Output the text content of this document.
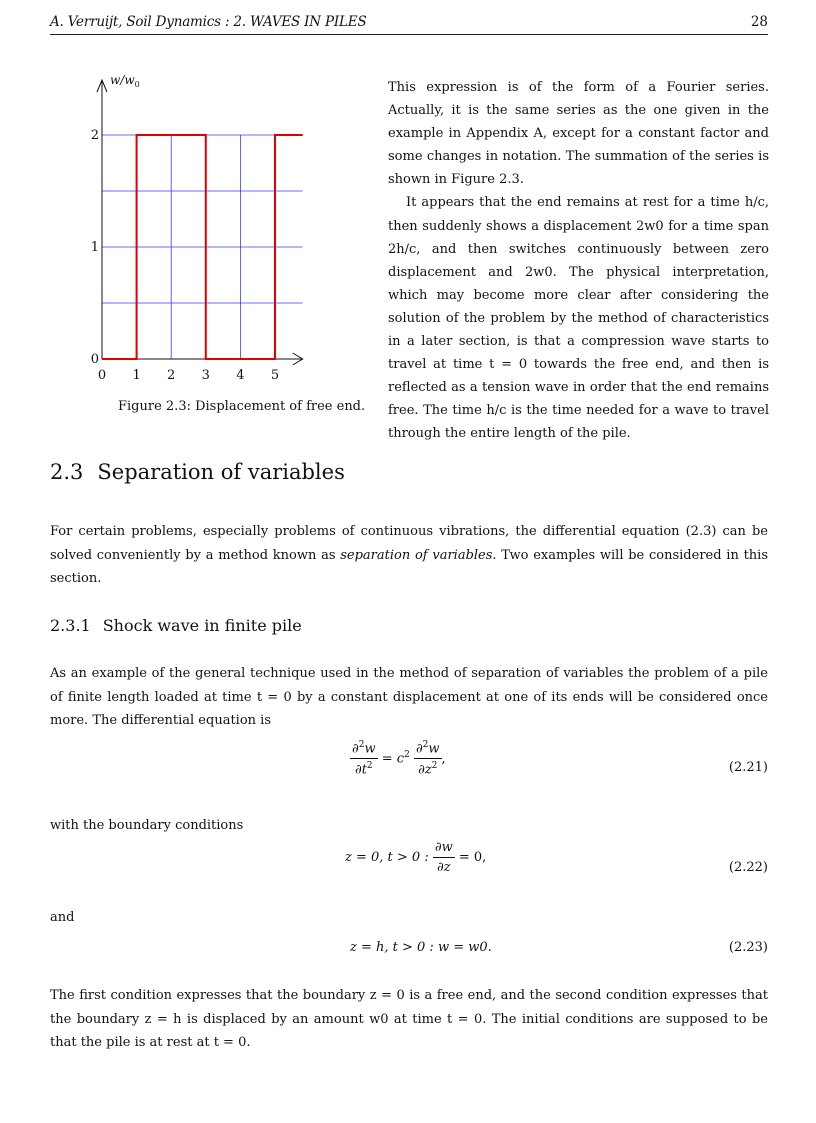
A. Verruijt, Soil Dynamics : 2. WAVES IN PILES	28
0 1 2 3 4 5
0
1
2
$w/w_0$
Figure 2.3: Displacement of free end.

This expression is of the form of a Fourier series. Actually, it is the same series as the one given in the example in Appendix A, except for a constant factor and some changes in notation. The summation of the series is shown in Figure 2.3.

It appears that the end remains at rest for a time h/c, then suddenly shows a displacement 2w0 for a time span 2h/c, and then switches continuously between zero displacement and 2w0. The physical interpretation, which may become more clear after considering the solution of the problem by the method of characteristics in a later section, is that a compression wave starts to travel at time t = 0 towards the free end, and then is reflected as a tension wave in order that the end remains free. The time h/c is the time needed for a wave to travel through the entire length of the pile.

2.3 Separation of variables

For certain problems, especially problems of continuous vibrations, the differential equation (2.3) can be solved conveniently by a method known as separation of variables. Two examples will be considered in this section.

2.3.1 Shock wave in finite pile

As an example of the general technique used in the method of separation of variables the problem of a pile of finite length loaded at time t = 0 by a constant displacement at one of its ends will be considered once more. The differential equation is

$\frac{\partial^2w}{\partial t^2} = c^2 \frac{\partial^2w}{\partial z^2}$ ,
(2.21)
with the boundary conditions
z = 0, t > 0 : $\frac{\partial w}{\partial z} = 0$,
(2.22)
and
z = h, t > 0 : w = w0.	(2.23)

The first condition expresses that the boundary z = 0 is a free end, and the second condition expresses that the boundary z = h is displaced by an amount w0 at time t = 0. The initial conditions are supposed to be that the pile is at rest at t = 0.
